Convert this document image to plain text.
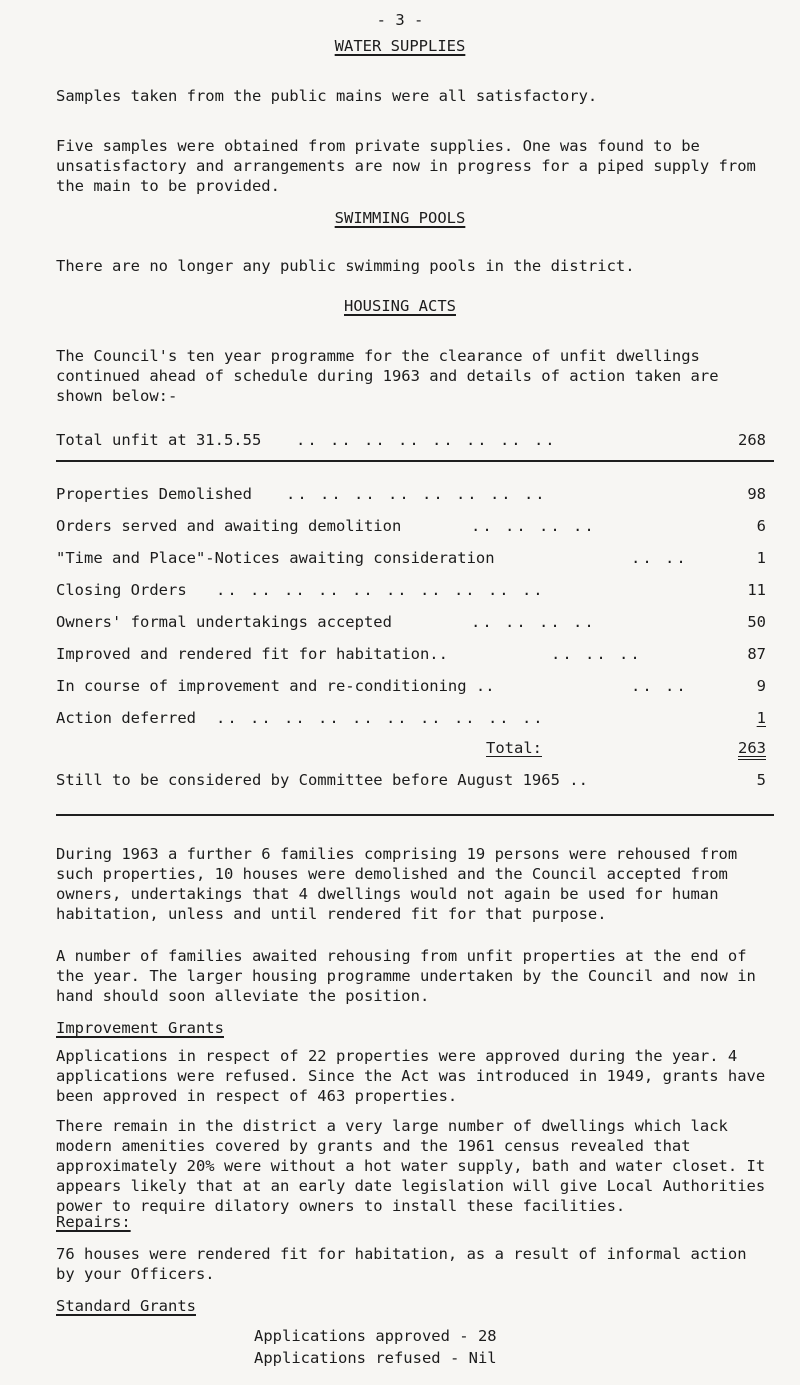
- 3 -
WATER SUPPLIES
Samples taken from the public mains were all satisfactory.
Five samples were obtained from private supplies. One was found to be unsatisfactory and arrangements are now in progress for a piped supply from the main to be provided.
SWIMMING POOLS
There are no longer any public swimming pools in the district.
HOUSING ACTS
The Council's ten year programme for the clearance of unfit dwellings continued ahead of schedule during 1963 and details of action taken are shown below:-
Total unfit at 31.5.55 .. .. .. .. .. .. .. ..	268
Properties Demolished .. .. .. .. .. .. .. ..	98
Orders served and awaiting demolition	.. .. .. ..	6
"Time and Place"-Notices awaiting consideration	.. ..	1
Closing Orders .. .. .. .. .. .. .. .. .. ..	11
Owners' formal undertakings accepted	.. .. .. ..	50
Improved and rendered fit for habitation..	.. .. ..	87
In course of improvement and re-conditioning ..	.. ..	9
Action deferred .. .. .. .. .. .. .. .. .. ..	1
Total:	263
Still to be considered by Committee before August 1965 ..	5
During 1963 a further 6 families comprising 19 persons were rehoused from such properties, 10 houses were demolished and the Council accepted from owners, undertakings that 4 dwellings would not again be used for human habitation, unless and until rendered fit for that purpose.
A number of families awaited rehousing from unfit properties at the end of the year. The larger housing programme undertaken by the Council and now in hand should soon alleviate the position.
Improvement Grants
Applications in respect of 22 properties were approved during the year. 4 applications were refused. Since the Act was introduced in 1949, grants have been approved in respect of 463 properties.
There remain in the district a very large number of dwellings which lack modern amenities covered by grants and the 1961 census revealed that approximately 20% were without a hot water supply, bath and water closet. It appears likely that at an early date legislation will give Local Authorities power to require dilatory owners to install these facilities.
Repairs:
76 houses were rendered fit for habitation, as a result of informal action by your Officers.
Standard Grants
Applications approved - 28
Applications refused - Nil
